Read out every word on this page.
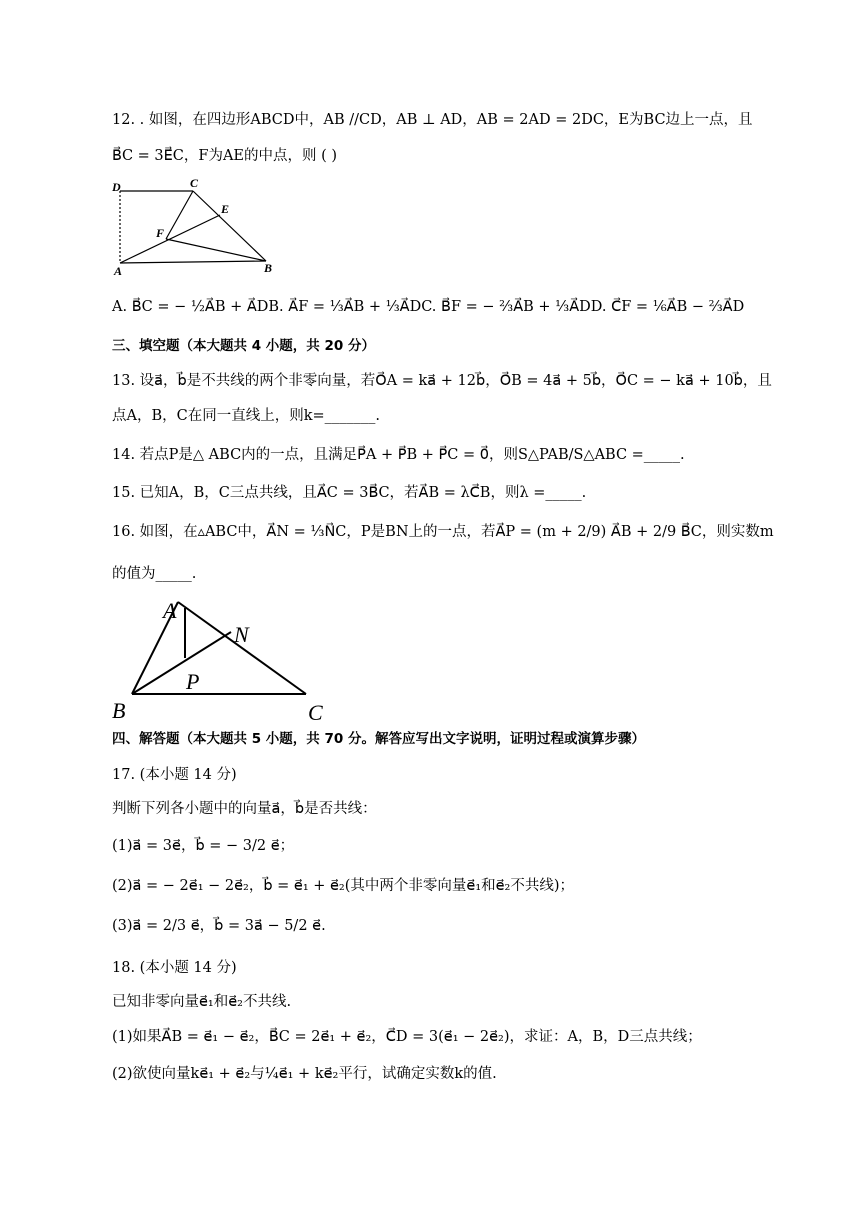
12. . 如图，在四边形ABCD中，AB //CD，AB ⊥ AD，AB = 2AD = 2DC，E为BC边上一点，且
B⃗C = 3E⃗C，F为AE的中点，则 ( )
D	C
E
F
A	B
A. B⃗C = − ½A⃗B + A⃗DB. A⃗F = ⅓A⃗B + ⅓A⃗DC. B⃗F = − ⅔A⃗B + ⅓A⃗DD. C⃗F = ⅙A⃗B − ⅔A⃗D
三、填空题（本大题共 4 小题，共 20 分）
13. 设a⃗，b⃗是不共线的两个非零向量，若O⃗A = ka⃗ + 12b⃗，O⃗B = 4a⃗ + 5b⃗，O⃗C = − ka⃗ + 10b⃗，且
点A，B，C在同一直线上，则k=_______.
14. 若点P是△ ABC内的一点，且满足P⃗A + P⃗B + P⃗C = 0⃗，则S△PAB/S△ABC =_____.
15. 已知A，B，C三点共线，且A⃗C = 3B⃗C，若A⃗B = λC⃗B，则λ =_____.
16. 如图，在▵ABC中，A⃗N = ⅓N⃗C，P是BN上的一点，若A⃗P = (m + 2/9) A⃗B + 2/9 B⃗C，则实数m
的值为_____.
A
N
P
B	C
四、解答题（本大题共 5 小题，共 70 分。解答应写出文字说明，证明过程或演算步骤）
17. (本小题 14 分)
判断下列各小题中的向量a⃗，b⃗是否共线：
(1)a⃗ = 3e⃗，b⃗ = − 3/2 e⃗；
(2)a⃗ = − 2e⃗₁ − 2e⃗₂，b⃗ = e⃗₁ + e⃗₂(其中两个非零向量e⃗₁和e⃗₂不共线)；
(3)a⃗ = 2/3 e⃗，b⃗ = 3a⃗ − 5/2 e⃗.
18. (本小题 14 分)
已知非零向量e⃗₁和e⃗₂不共线.
(1)如果A⃗B = e⃗₁ − e⃗₂，B⃗C = 2e⃗₁ + e⃗₂，C⃗D = 3(e⃗₁ − 2e⃗₂)，求证：A，B，D三点共线；
(2)欲使向量ke⃗₁ + e⃗₂与¼e⃗₁ + ke⃗₂平行，试确定实数k的值.
